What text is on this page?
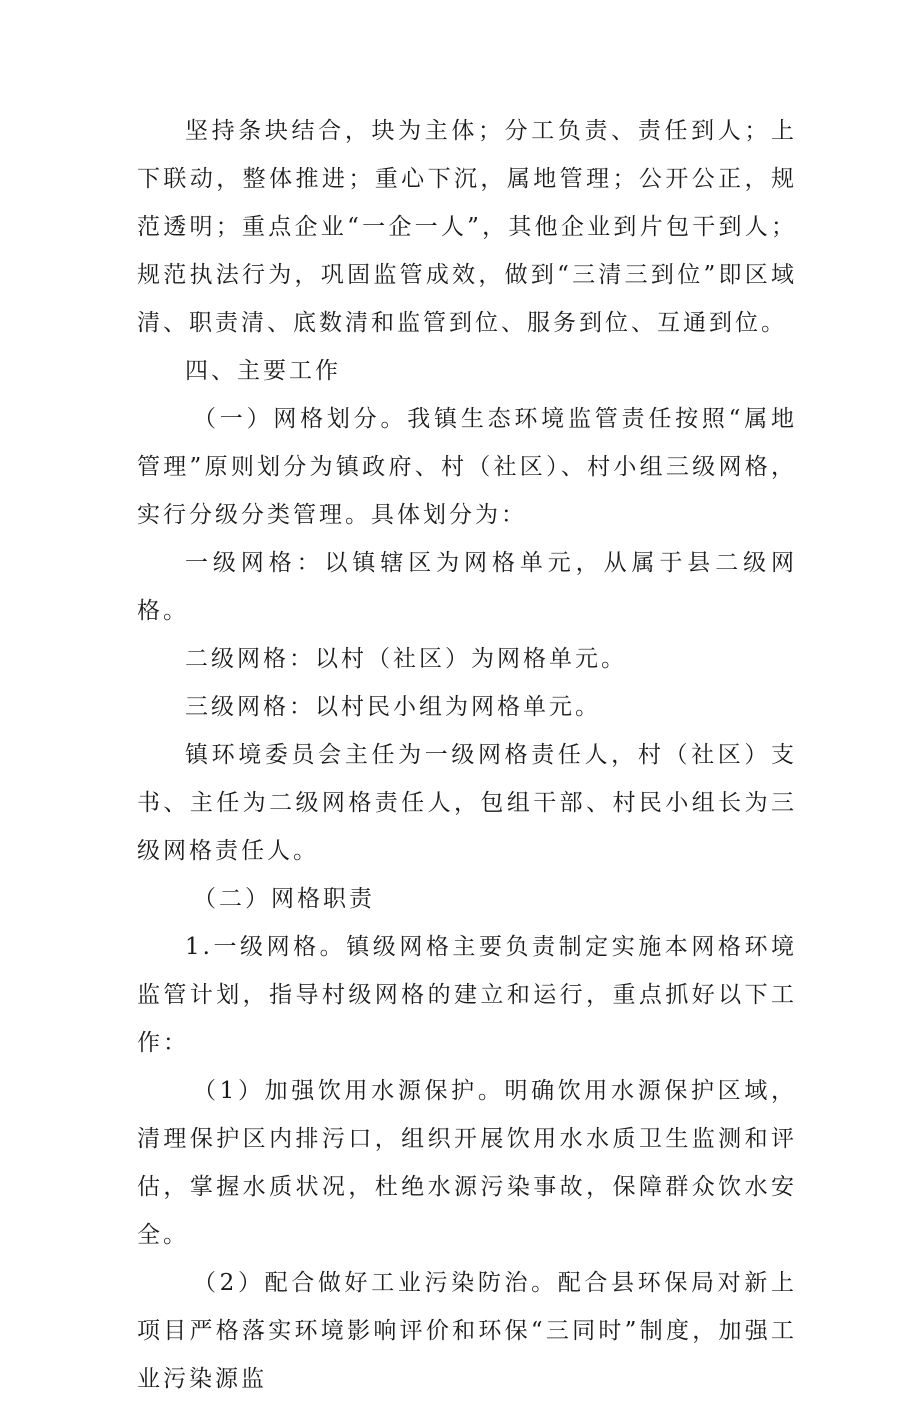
坚持条块结合，块为主体；分工负责、责任到人；上下联动，整体推进；重心下沉，属地管理；公开公正，规范透明；重点企业“一企一人”，其他企业到片包干到人；规范执法行为，巩固监管成效，做到“三清三到位”即区域清、职责清、底数清和监管到位、服务到位、互通到位。

四、主要工作

（一）网格划分。我镇生态环境监管责任按照“属地管理”原则划分为镇政府、村（社区）、村小组三级网格，实行分级分类管理。具体划分为：

一级网格：以镇辖区为网格单元，从属于县二级网格。

二级网格：以村（社区）为网格单元。

三级网格：以村民小组为网格单元。

镇环境委员会主任为一级网格责任人，村（社区）支书、主任为二级网格责任人，包组干部、村民小组长为三级网格责任人。

（二）网格职责

1.一级网格。镇级网格主要负责制定实施本网格环境监管计划，指导村级网格的建立和运行，重点抓好以下工作：

（1）加强饮用水源保护。明确饮用水源保护区域，清理保护区内排污口，组织开展饮用水水质卫生监测和评估，掌握水质状况，杜绝水源污染事故，保障群众饮水安全。

（2）配合做好工业污染防治。配合县环保局对新上项目严格落实环境影响评价和环保“三同时”制度，加强工业污染源监
